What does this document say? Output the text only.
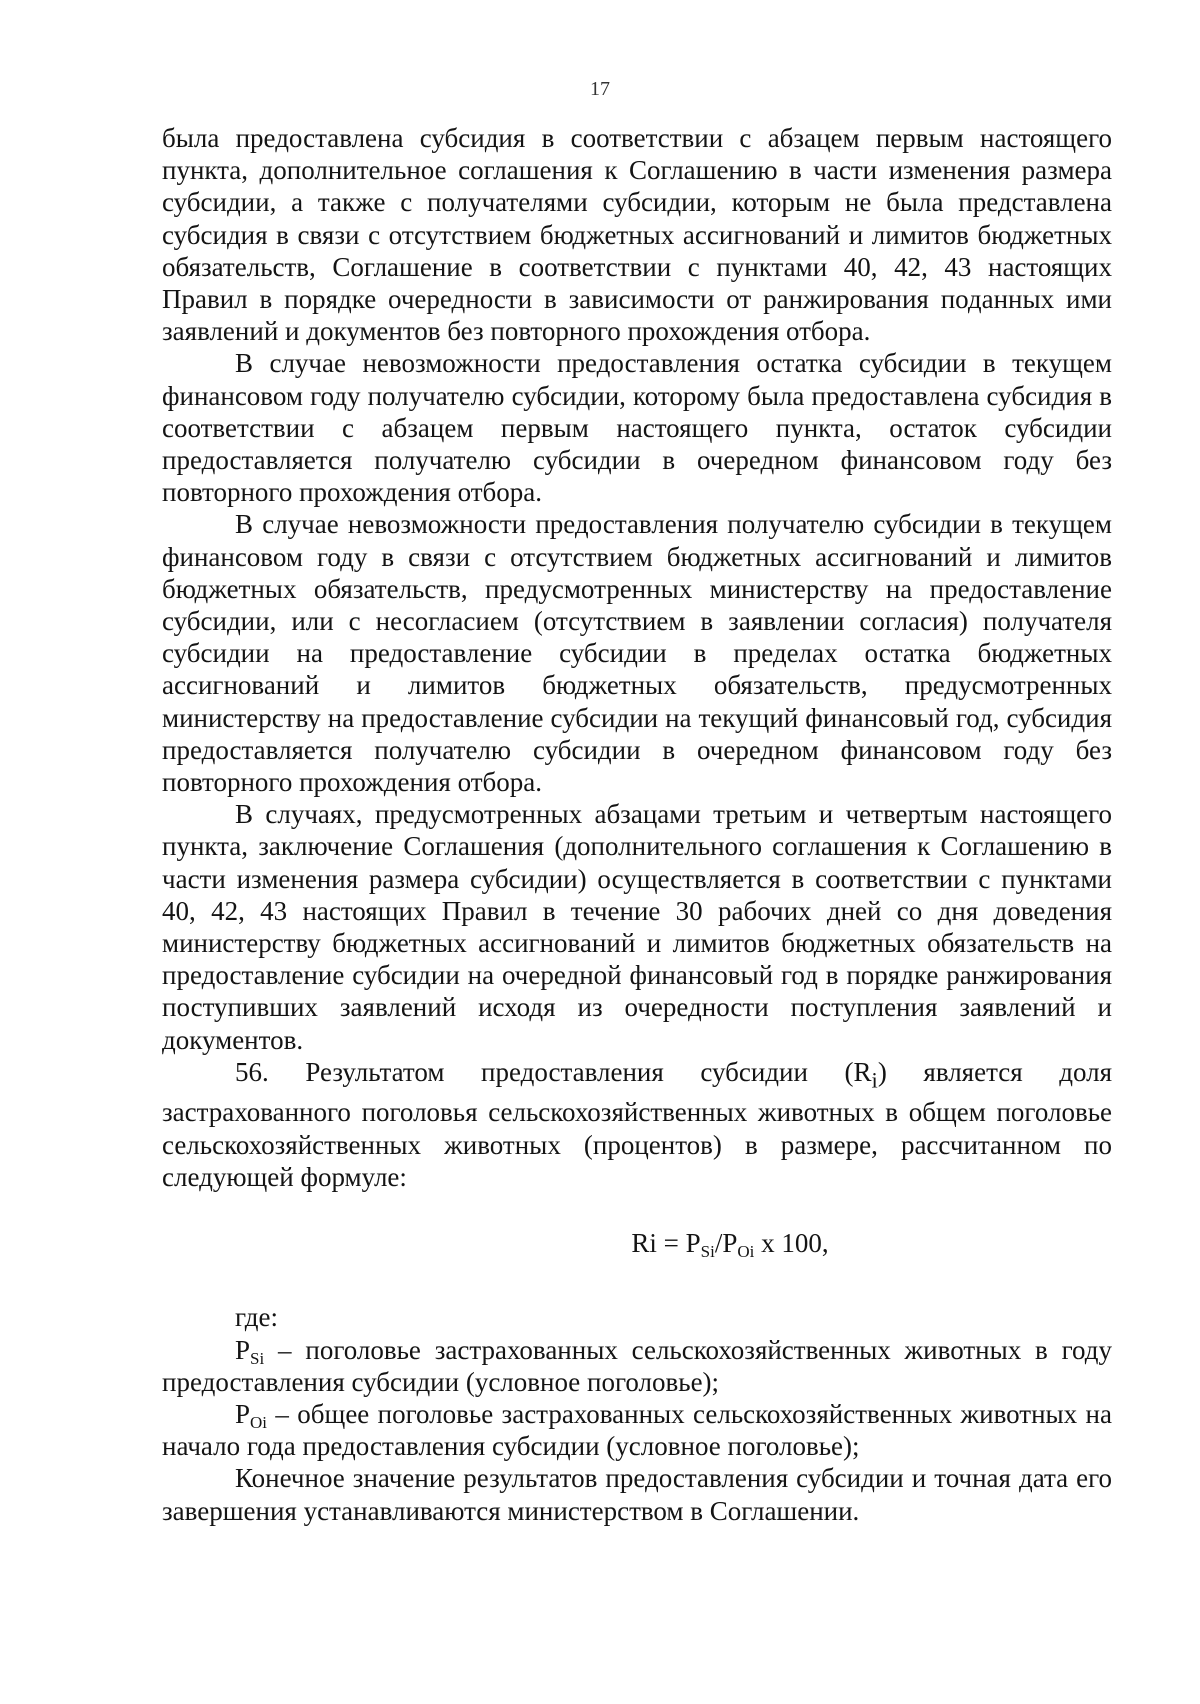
17

была предоставлена субсидия в соответствии с абзацем первым настоящего пункта, дополнительное соглашения к Соглашению в части изменения размера субсидии, а также с получателями субсидии, которым не была представлена субсидия в связи с отсутствием бюджетных ассигнований и лимитов бюджетных обязательств, Соглашение в соответствии с пунктами 40, 42, 43 настоящих Правил в порядке очередности в зависимости от ранжирования поданных ими заявлений и документов без повторного прохождения отбора.

В случае невозможности предоставления остатка субсидии в текущем финансовом году получателю субсидии, которому была предоставлена субсидия в соответствии с абзацем первым настоящего пункта, остаток субсидии предоставляется получателю субсидии в очередном финансовом году без повторного прохождения отбора.

В случае невозможности предоставления получателю субсидии в текущем финансовом году в связи с отсутствием бюджетных ассигнований и лимитов бюджетных обязательств, предусмотренных министерству на предоставление субсидии, или с несогласием (отсутствием в заявлении согласия) получателя субсидии на предоставление субсидии в пределах остатка бюджетных ассигнований и лимитов бюджетных обязательств, предусмотренных министерству на предоставление субсидии на текущий финансовый год, субсидия предоставляется получателю субсидии в очередном финансовом году без повторного прохождения отбора.

В случаях, предусмотренных абзацами третьим и четвертым настоящего пункта, заключение Соглашения (дополнительного соглашения к Соглашению в части изменения размера субсидии) осуществляется в соответствии с пунктами 40, 42, 43 настоящих Правил в течение 30 рабочих дней со дня доведения министерству бюджетных ассигнований и лимитов бюджетных обязательств на предоставление субсидии на очередной финансовый год в порядке ранжирования поступивших заявлений исходя из очередности поступления заявлений и документов.

56. Результатом предоставления субсидии $(R_i)$ является доля застрахованного поголовья сельскохозяйственных животных в общем поголовье сельскохозяйственных животных (процентов) в размере, рассчитанном по следующей формуле:

$Ri = P_{Si}/P_{Oi}$ x 100,

где:

$P_{Si}$ – поголовье застрахованных сельскохозяйственных животных в году предоставления субсидии (условное поголовье);

$P_{Oi}$ – общее поголовье застрахованных сельскохозяйственных животных на начало года предоставления субсидии (условное поголовье);

Конечное значение результатов предоставления субсидии и точная дата его завершения устанавливаются министерством в Соглашении.
